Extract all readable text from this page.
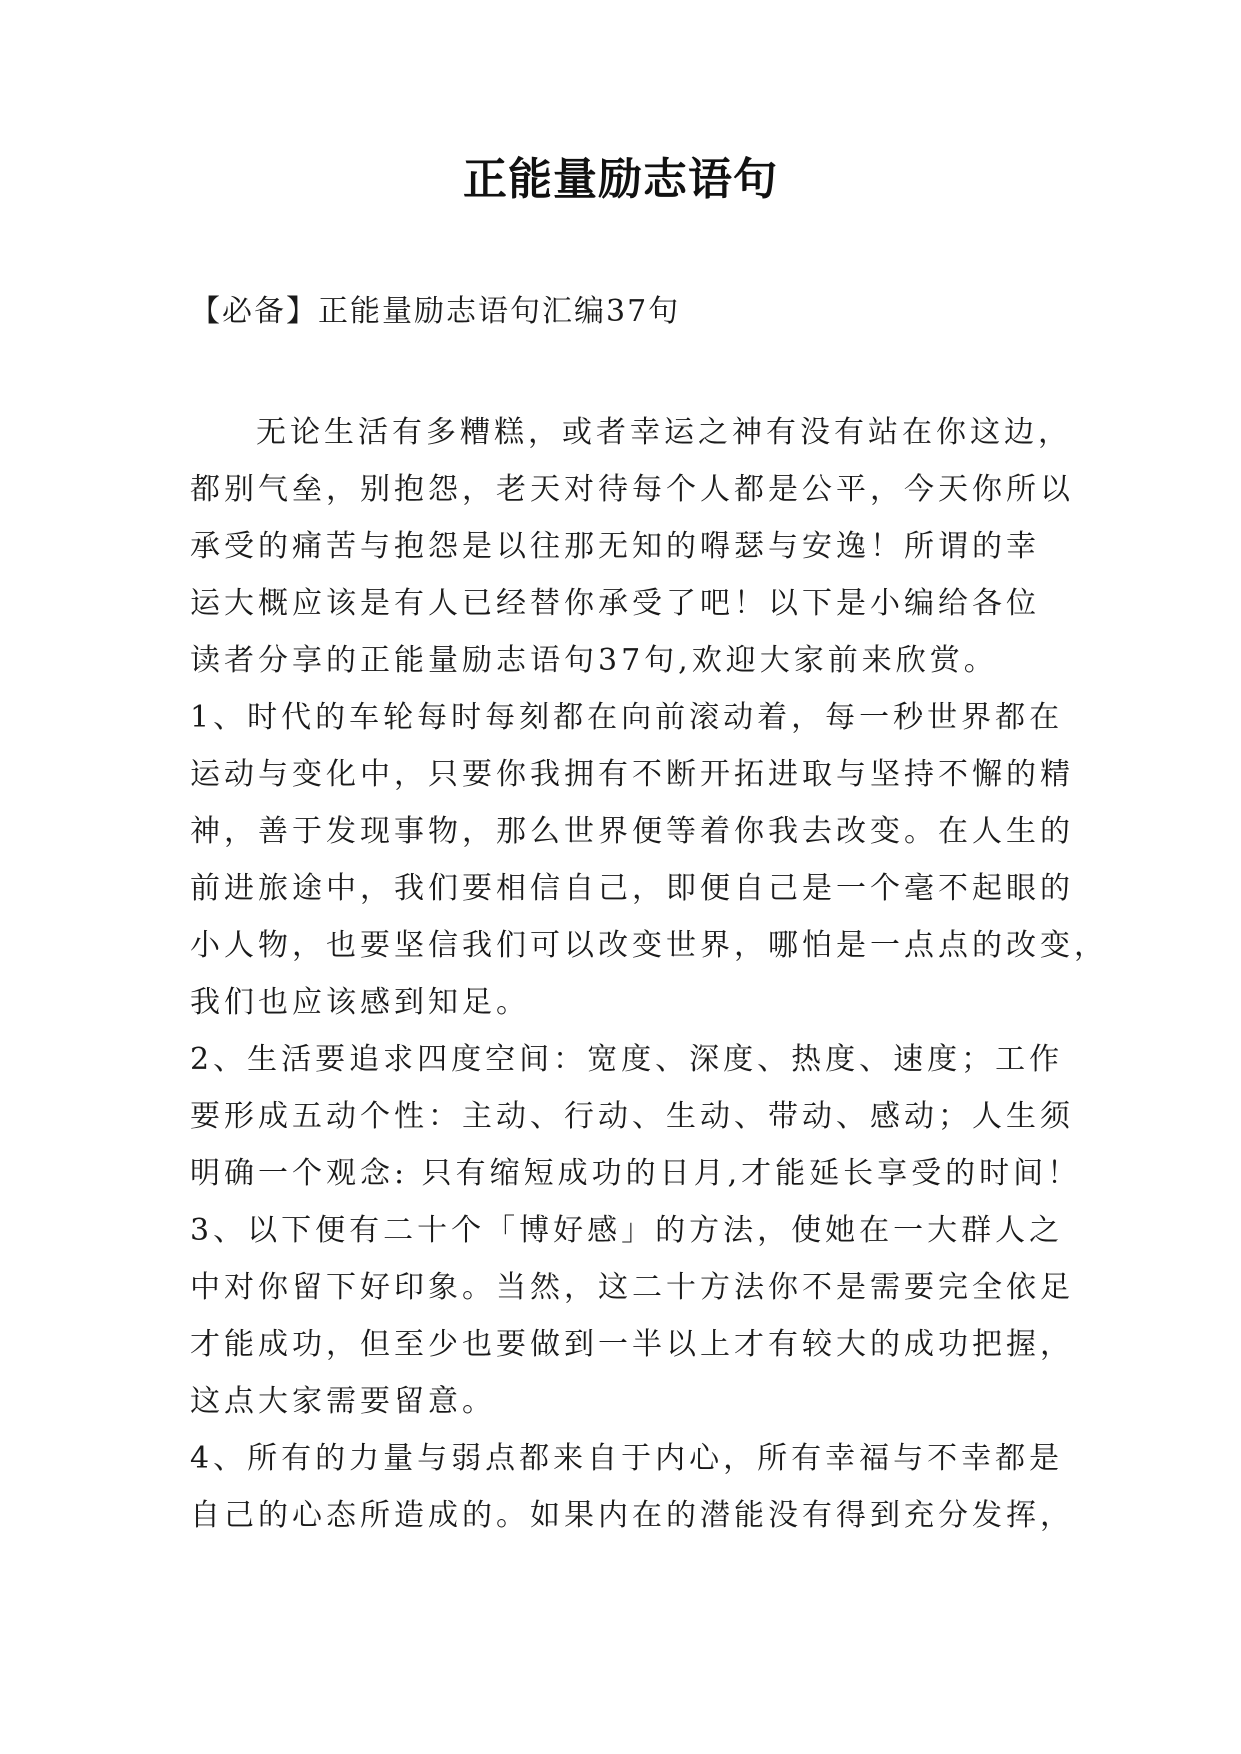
正能量励志语句
【必备】正能量励志语句汇编37句
无论生活有多糟糕，或者幸运之神有没有站在你这边，
都别气垒，别抱怨，老天对待每个人都是公平，今天你所以
承受的痛苦与抱怨是以往那无知的嘚瑟与安逸！所谓的幸
运大概应该是有人已经替你承受了吧！以下是小编给各位
读者分享的正能量励志语句37句,欢迎大家前来欣赏。
1、时代的车轮每时每刻都在向前滚动着，每一秒世界都在
运动与变化中，只要你我拥有不断开拓进取与坚持不懈的精
神，善于发现事物，那么世界便等着你我去改变。在人生的
前进旅途中，我们要相信自己，即便自己是一个毫不起眼的
小人物，也要坚信我们可以改变世界，哪怕是一点点的改变，
我们也应该感到知足。
2、生活要追求四度空间：宽度、深度、热度、速度；工作
要形成五动个性：主动、行动、生动、带动、感动；人生须
明确一个观念: 只有缩短成功的日月,才能延长享受的时间！
3、以下便有二十个「博好感」的方法，使她在一大群人之
中对你留下好印象。当然，这二十方法你不是需要完全依足
才能成功，但至少也要做到一半以上才有较大的成功把握，
这点大家需要留意。
4、所有的力量与弱点都来自于内心，所有幸福与不幸都是
自己的心态所造成的。如果内在的潜能没有得到充分发挥，
